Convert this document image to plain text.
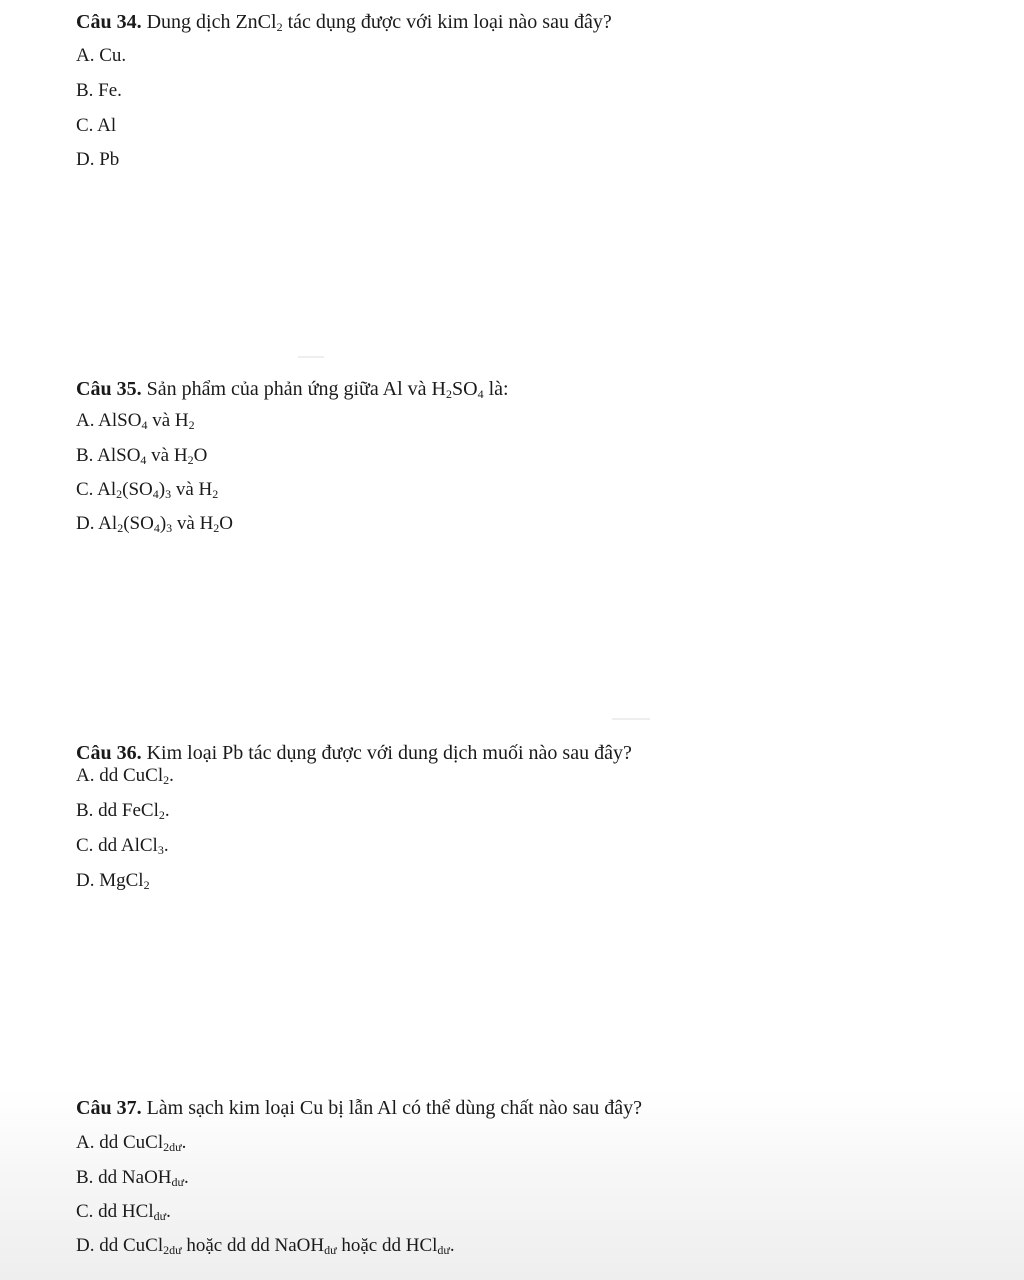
Câu 34. Dung dịch ZnCl$_2$ tác dụng được với kim loại nào sau đây?
A. Cu.
B. Fe.
C. Al
D. Pb
Câu 35. Sản phẩm của phản ứng giữa Al và $H_2SO_4$ là:
A. AlSO$_4$ và $H_2$
B. AlSO$_4$ và $H_2O$
C. $Al_2(SO_4)_3$ và $H_2$
D. $Al_2(SO_4)_3$ và $H_2O$
Câu 36. Kim loại Pb tác dụng được với dung dịch muối nào sau đây?
A. dd CuCl$_2$.
B. dd FeCl$_2$.
C. dd AlCl$_3$.
D. MgCl$_2$
Câu 37. Làm sạch kim loại Cu bị lẫn Al có thể dùng chất nào sau đây?
A. dd CuCl$_{2dư}$.
B. dd NaOH$_{dư}$.
C. dd HCl$_{dư}$.
D. dd CuCl$_{2dư}$ hoặc dd dd NaOH$_{dư}$ hoặc dd HCl$_{dư}$.
